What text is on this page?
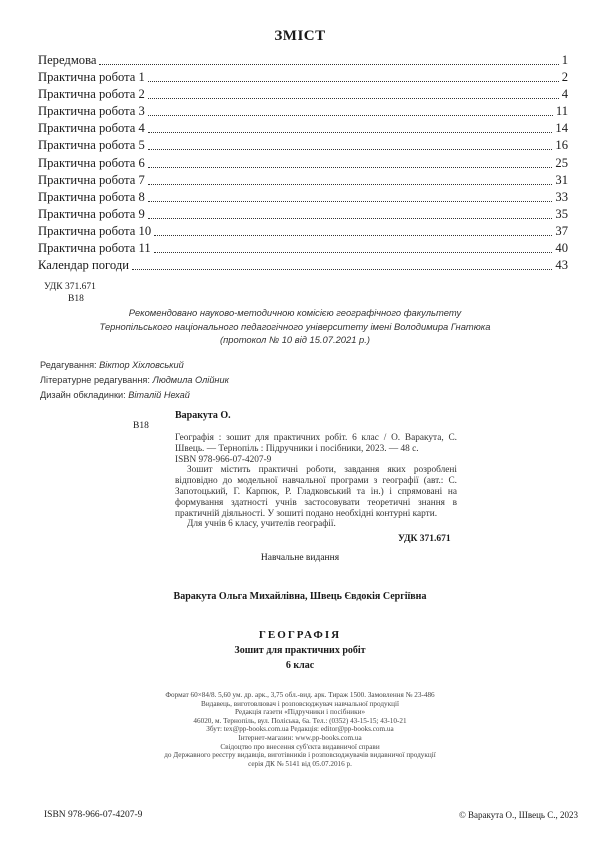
ЗМІСТ
Передмова	1
Практична робота 1	2
Практична робота 2	4
Практична робота 3	11
Практична робота 4	14
Практична робота 5	16
Практична робота 6	25
Практична робота 7	31
Практична робота 8	33
Практична робота 9	35
Практична робота 10	37
Практична робота 11	40
Календар погоди	43
УДК 371.671
В18
Рекомендовано науково-методичною комісією географічного факультету
Тернопільського національного педагогічного університету імені Володимира Гнатюка
(протокол № 10 від 15.07.2021 р.)
Редагування: Віктор Хіхловський
Літературне редагування: Людмила Олійник
Дизайн обкладинки: Віталій Нехай
Варакута О.
В18

Географія : зошит для практичних робіт. 6 клас / О. Варакута, С. Швець. — Тернопіль : Підручники і посібники, 2023. — 48 с.

ISBN 978-966-07-4207-9

Зошит містить практичні роботи, завдання яких розроблені відповідно до модельної навчальної програми з географії (авт.: С. Запотоцький, Г. Карпюк, Р. Гладковський та ін.) і спрямовані на формування здатності учнів застосовувати теоретичні знання в практичній діяльності. У зошиті подано необхідні контурні карти.

Для учнів 6 класу, учителів географії.

УДК 371.671
Навчальне видання
Варакута Ольга Михайлівна, Швець Євдокія Сергіївна
ГЕОГРАФІЯ
Зошит для практичних робіт
6 клас
Формат 60×84/8. 5,60 ум. др. арк., 3,75 обл.-вид. арк. Тираж 1500. Замовлення № 23-486
Видавець, виготовлювач і розповсюджувач навчальної продукції
Редакція газети «Підручники і посібники»
46020, м. Тернопіль, вул. Поліська, 6а. Тел.: (0352) 43-15-15; 43-10-21
Збут: tex@pp-books.com.ua Редакція: editor@pp-books.com.ua
Інтернет-магазин: www.pp-books.com.ua
Свідоцтво про внесення суб'єкта видавничої справи
до Державного реєстру видавців, виготівників і розповсюджувачів видавничої продукції
серія ДК № 5141 від 05.07.2016 р.
ISBN 978-966-07-4207-9	© Варакута О., Швець С., 2023
